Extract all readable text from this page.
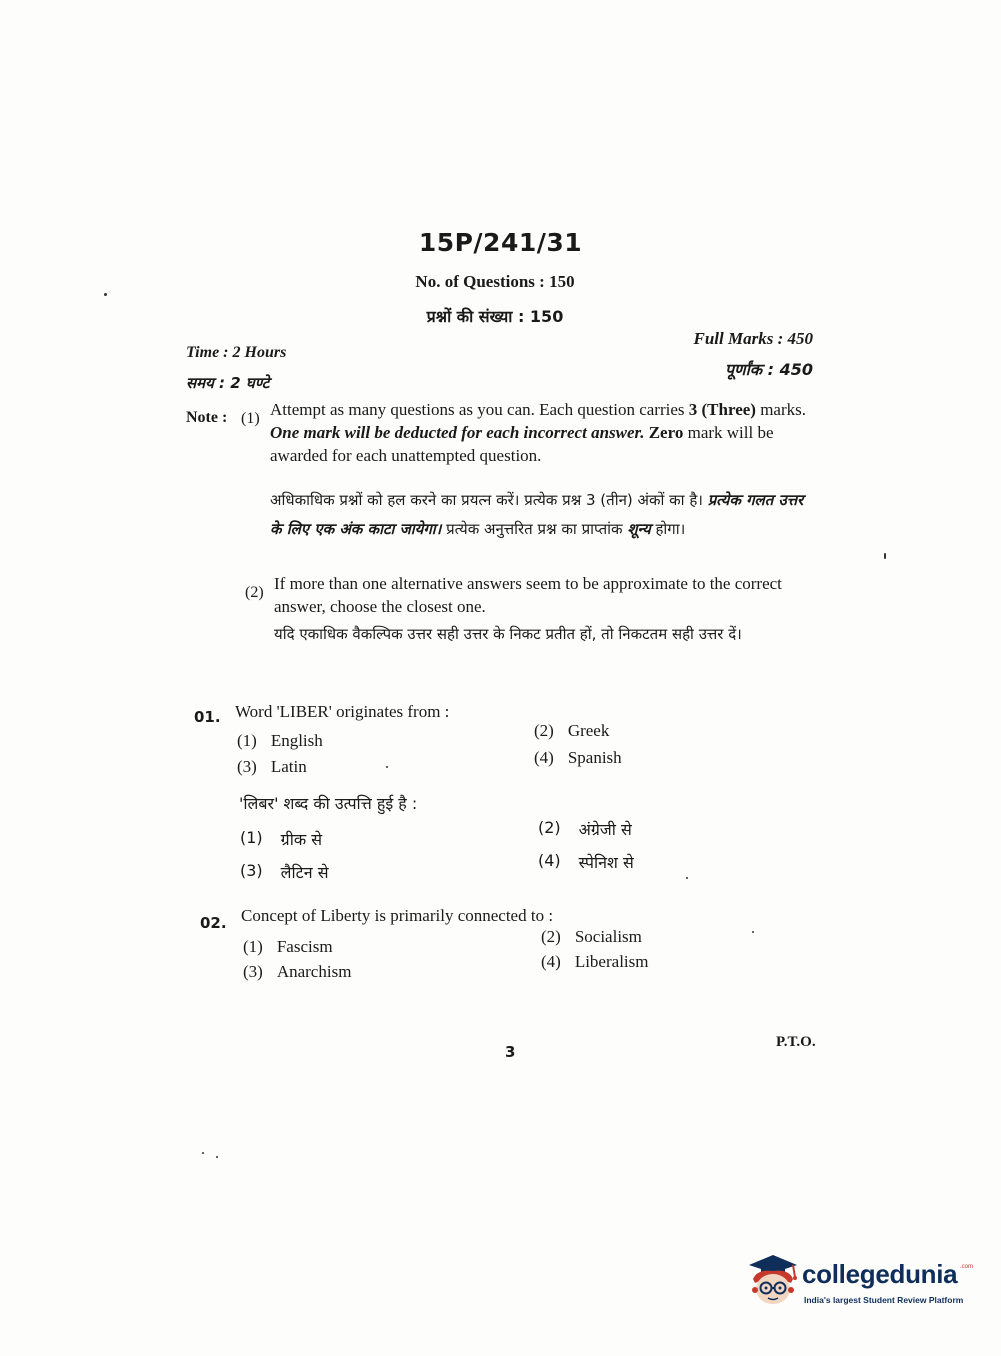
15P/241/31
No. of Questions : 150
प्रश्नों की संख्या : 150
Time : 2 Hours
समय : 2 घण्टे
Full Marks : 450
पूर्णांक : 450
Note : (1) Attempt as many questions as you can. Each question carries 3 (Three) marks. One mark will be deducted for each incorrect answer. Zero mark will be awarded for each unattempted question.
अधिकाधिक प्रश्नों को हल करने का प्रयत्न करें। प्रत्येक प्रश्न 3 (तीन) अंकों का है। प्रत्येक गलत उत्तर के लिए एक अंक काटा जायेगा। प्रत्येक अनुत्तरित प्रश्न का प्राप्तांक शून्य होगा।
(2) If more than one alternative answers seem to be approximate to the correct answer, choose the closest one.
यदि एकाधिक वैकल्पिक उत्तर सही उत्तर के निकट प्रतीत हों, तो निकटतम सही उत्तर दें।
01. Word 'LIBER' originates from :
(1) English
(2) Greek
(3) Latin	(4) Spanish
'लिबर' शब्द की उत्पत्ति हुई है :
(1) ग्रीक से
(2) अंग्रेजी से
(3) लैटिन से
(4) स्पेनिश से
02. Concept of Liberty is primarily connected to :
(1) Fascism
(2) Socialism
(3) Anarchism
(4) Liberalism
3
P.T.O.
collegedunia .com
India's largest Student Review Platform
